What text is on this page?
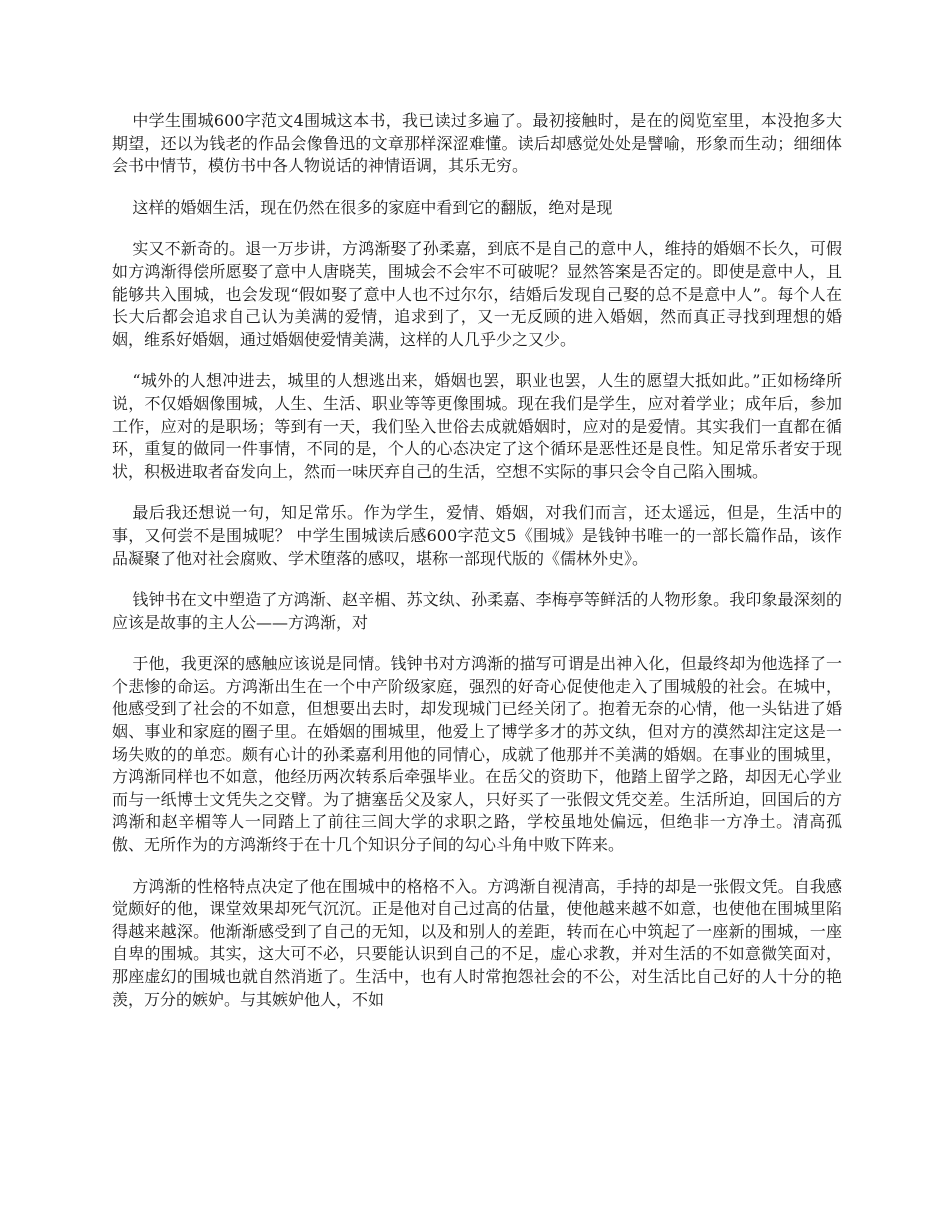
中学生围城600字范文4围城这本书，我已读过多遍了。最初接触时，是在的阅览室里，本没抱多大期望，还以为钱老的作品会像鲁迅的文章那样深涩难懂。读后却感觉处处是譬喻，形象而生动；细细体会书中情节，模仿书中各人物说话的神情语调，其乐无穷。

这样的婚姻生活，现在仍然在很多的家庭中看到它的翻版，绝对是现

实又不新奇的。退一万步讲，方鸿渐娶了孙柔嘉，到底不是自己的意中人，维持的婚姻不长久，可假如方鸿渐得偿所愿娶了意中人唐晓芙，围城会不会牢不可破呢？显然答案是否定的。即使是意中人，且能够共入围城，也会发现“假如娶了意中人也不过尔尔，结婚后发现自己娶的总不是意中人”。每个人在长大后都会追求自己认为美满的爱情，追求到了，又一无反顾的进入婚姻，然而真正寻找到理想的婚姻，维系好婚姻，通过婚姻使爱情美满，这样的人几乎少之又少。

“城外的人想冲进去，城里的人想逃出来，婚姻也罢，职业也罢，人生的愿望大抵如此。”正如杨绛所说，不仅婚姻像围城，人生、生活、职业等等更像围城。现在我们是学生，应对着学业；成年后，参加工作，应对的是职场；等到有一天，我们坠入世俗去成就婚姻时，应对的是爱情。其实我们一直都在循环，重复的做同一件事情，不同的是，个人的心态决定了这个循环是恶性还是良性。知足常乐者安于现状，积极进取者奋发向上，然而一味厌弃自己的生活，空想不实际的事只会令自己陷入围城。

最后我还想说一句，知足常乐。作为学生，爱情、婚姻，对我们而言，还太遥远，但是，生活中的事，又何尝不是围城呢？ 中学生围城读后感600字范文5《围城》是钱钟书唯一的一部长篇作品，该作品凝聚了他对社会腐败、学术堕落的感叹，堪称一部现代版的《儒林外史》。

钱钟书在文中塑造了方鸿渐、赵辛楣、苏文纨、孙柔嘉、李梅亭等鲜活的人物形象。我印象最深刻的应该是故事的主人公——方鸿渐，对

于他，我更深的感触应该说是同情。钱钟书对方鸿渐的描写可谓是出神入化，但最终却为他选择了一个悲惨的命运。方鸿渐出生在一个中产阶级家庭，强烈的好奇心促使他走入了围城般的社会。在城中，他感受到了社会的不如意，但想要出去时，却发现城门已经关闭了。抱着无奈的心情，他一头钻进了婚姻、事业和家庭的圈子里。在婚姻的围城里，他爱上了博学多才的苏文纨，但对方的漠然却注定这是一场失败的的单恋。颇有心计的孙柔嘉利用他的同情心，成就了他那并不美满的婚姻。在事业的围城里，方鸿渐同样也不如意，他经历两次转系后牵强毕业。在岳父的资助下，他踏上留学之路，却因无心学业而与一纸博士文凭失之交臂。为了搪塞岳父及家人，只好买了一张假文凭交差。生活所迫，回国后的方鸿渐和赵辛楣等人一同踏上了前往三闾大学的求职之路，学校虽地处偏远，但绝非一方净土。清高孤傲、无所作为的方鸿渐终于在十几个知识分子间的勾心斗角中败下阵来。

方鸿渐的性格特点决定了他在围城中的格格不入。方鸿渐自视清高，手持的却是一张假文凭。自我感觉颇好的他，课堂效果却死气沉沉。正是他对自己过高的估量，使他越来越不如意，也使他在围城里陷得越来越深。他渐渐感受到了自己的无知，以及和别人的差距，转而在心中筑起了一座新的围城，一座自卑的围城。其实，这大可不必，只要能认识到自己的不足，虚心求教，并对生活的不如意微笑面对，那座虚幻的围城也就自然消逝了。生活中，也有人时常抱怨社会的不公，对生活比自己好的人十分的艳羡，万分的嫉妒。与其嫉妒他人，不如
